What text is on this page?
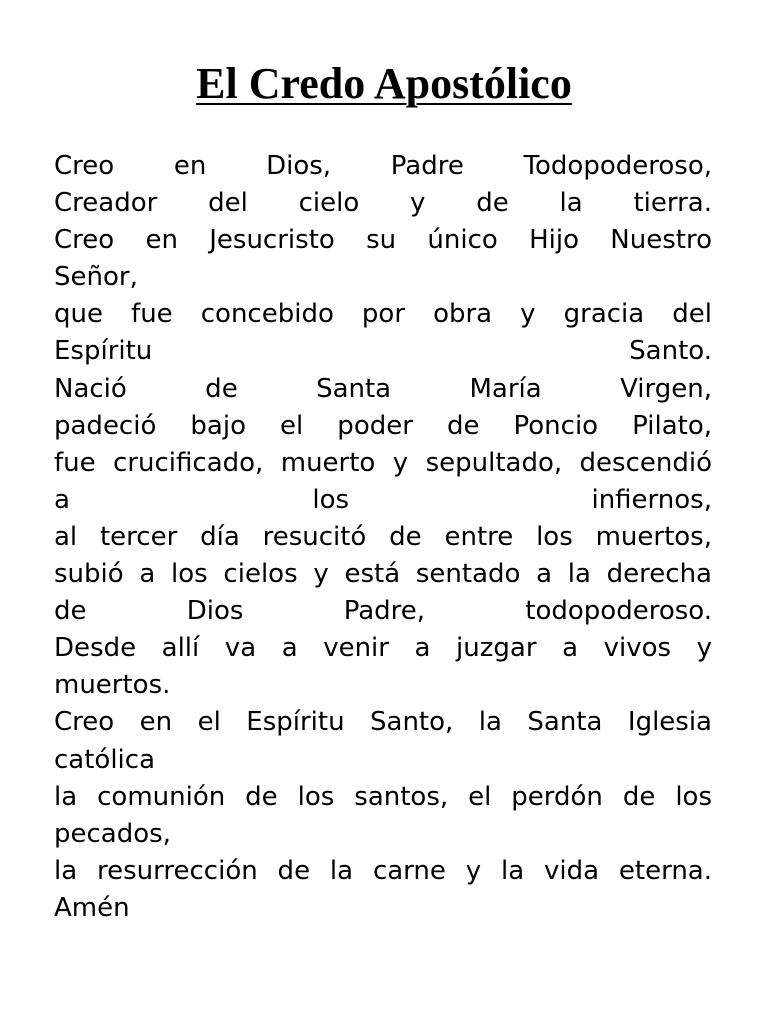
El Credo Apostólico
Creo en Dios, Padre Todopoderoso,
Creador del cielo y de la tierra.
Creo en Jesucristo su único Hijo Nuestro
Señor,
que fue concebido por obra y gracia del
Espíritu Santo.
Nació de Santa María Virgen,
padeció bajo el poder de Poncio Pilato,
fue crucificado, muerto y sepultado, descendió
a los infiernos,
al tercer día resucitó de entre los muertos,
subió a los cielos y está sentado a la derecha
de Dios Padre, todopoderoso.
Desde allí va a venir a juzgar a vivos y
muertos.
Creo en el Espíritu Santo, la Santa Iglesia
católica
la comunión de los santos, el perdón de los
pecados,
la resurrección de la carne y la vida eterna.
Amén
